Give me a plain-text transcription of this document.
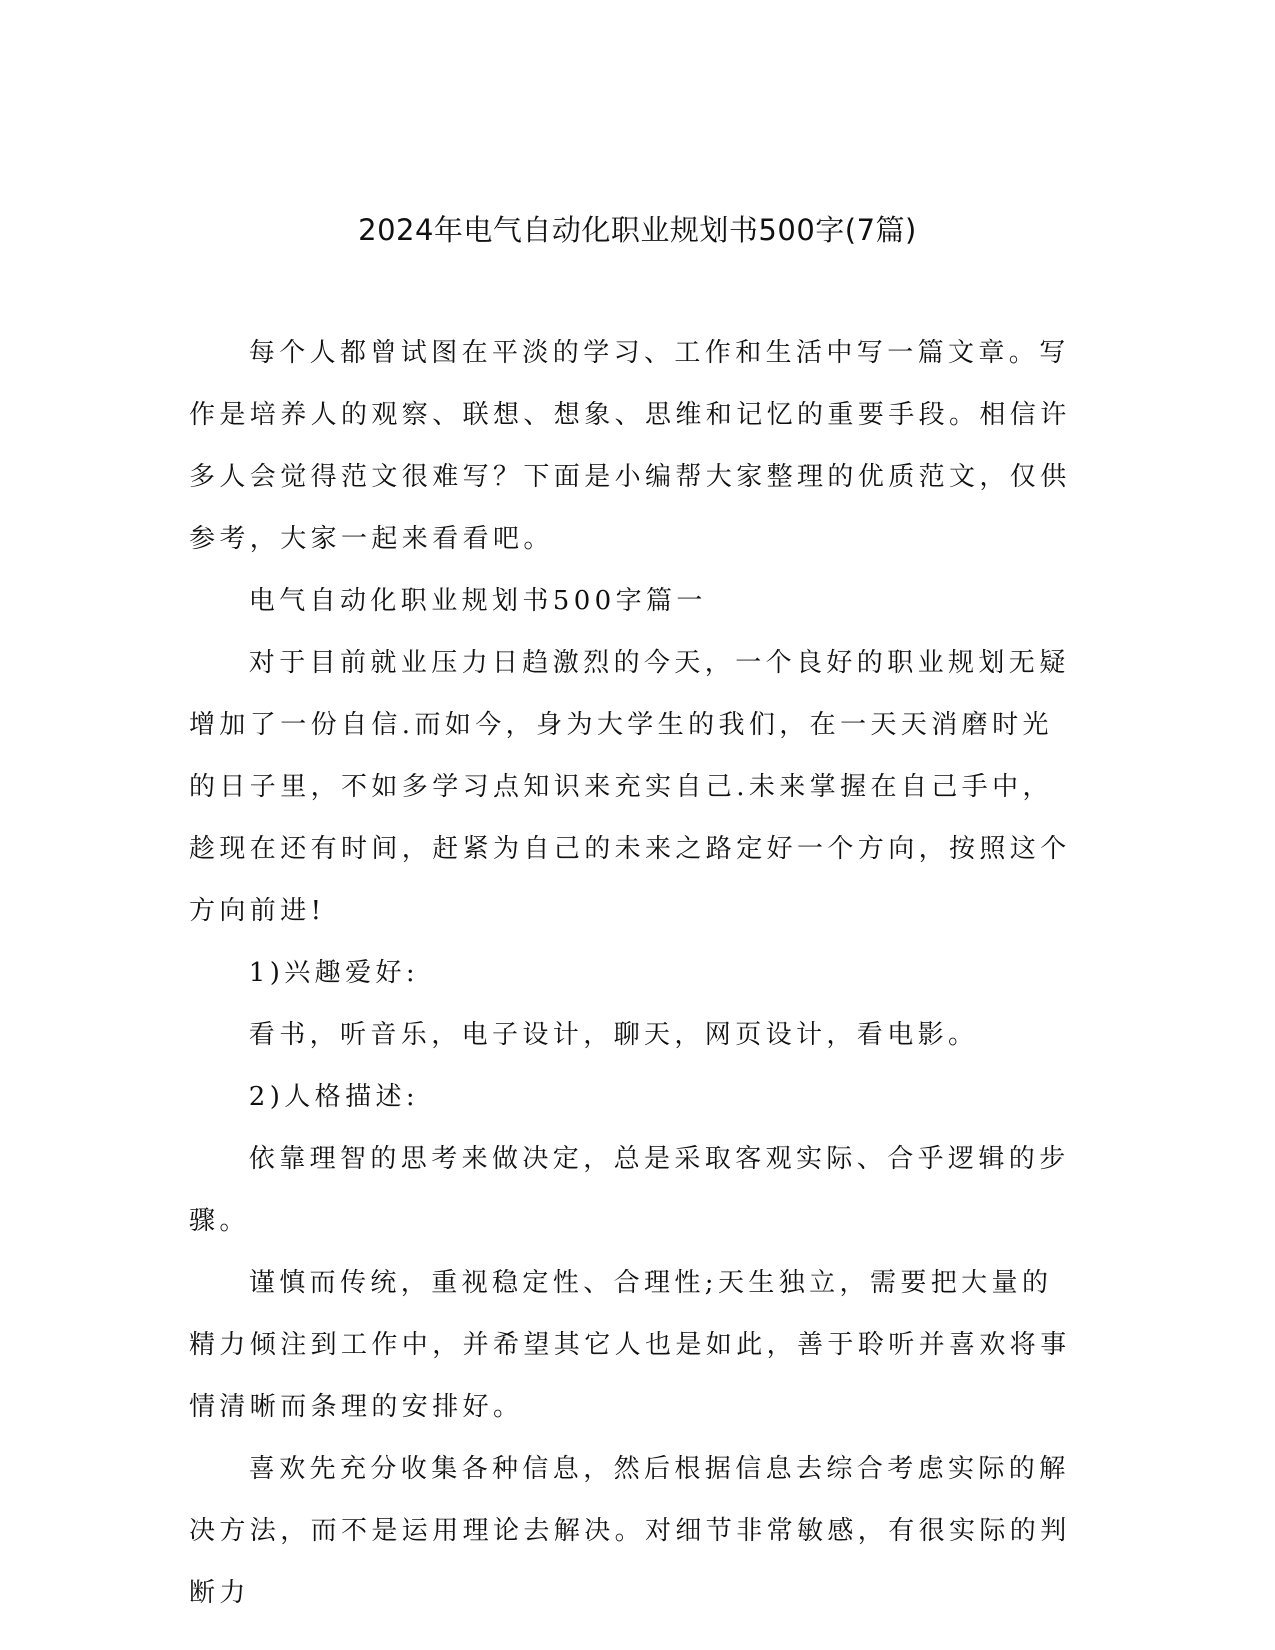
2024年电气自动化职业规划书500字(7篇)

每个人都曾试图在平淡的学习、工作和生活中写一篇文章。写作是培养人的观察、联想、想象、思维和记忆的重要手段。相信许多人会觉得范文很难写？下面是小编帮大家整理的优质范文，仅供参考，大家一起来看看吧。

电气自动化职业规划书500字篇一

对于目前就业压力日趋激烈的今天，一个良好的职业规划无疑增加了一份自信.而如今，身为大学生的我们，在一天天消磨时光的日子里，不如多学习点知识来充实自己.未来掌握在自己手中，趁现在还有时间，赶紧为自己的未来之路定好一个方向，按照这个方向前进!

1)兴趣爱好:

看书，听音乐，电子设计，聊天，网页设计，看电影。

2)人格描述:

依靠理智的思考来做决定，总是采取客观实际、合乎逻辑的步骤。

谨慎而传统，重视稳定性、合理性;天生独立，需要把大量的精力倾注到工作中，并希望其它人也是如此，善于聆听并喜欢将事情清晰而条理的安排好。

喜欢先充分收集各种信息，然后根据信息去综合考虑实际的解决方法，而不是运用理论去解决。对细节非常敏感，有很实际的判断力
